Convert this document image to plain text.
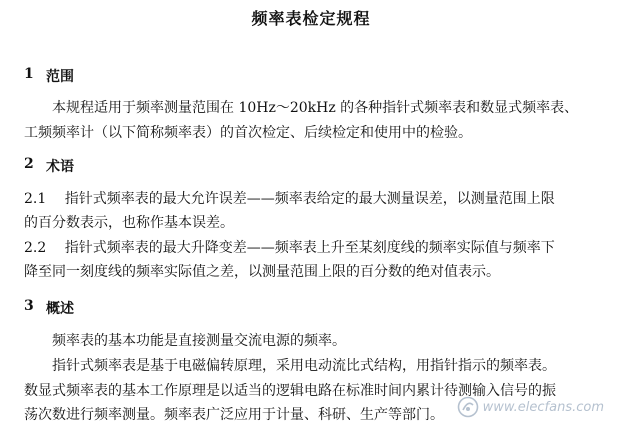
频率表检定规程
1 范围
本规程适用于频率测量范围在 10Hz～20kHz 的各种指针式频率表和数显式频率表、
工频频率计（以下简称频率表）的首次检定、后续检定和使用中的检验。
2 术语
2.1　 指针式频率表的最大允许误差——频率表给定的最大测量误差，以测量范围上限
的百分数表示，也称作基本误差。
2.2　 指针式频率表的最大升降变差——频率表上升至某刻度线的频率实际值与频率下
降至同一刻度线的频率实际值之差，以测量范围上限的百分数的绝对值表示。
3 概述
频率表的基本功能是直接测量交流电源的频率。
指针式频率表是基于电磁偏转原理，采用电动流比式结构，用指针指示的频率表。
数显式频率表的基本工作原理是以适当的逻辑电路在标准时间内累计待测输入信号的振
荡次数进行频率测量。频率表广泛应用于计量、科研、生产等部门。	www.elecfans.com
